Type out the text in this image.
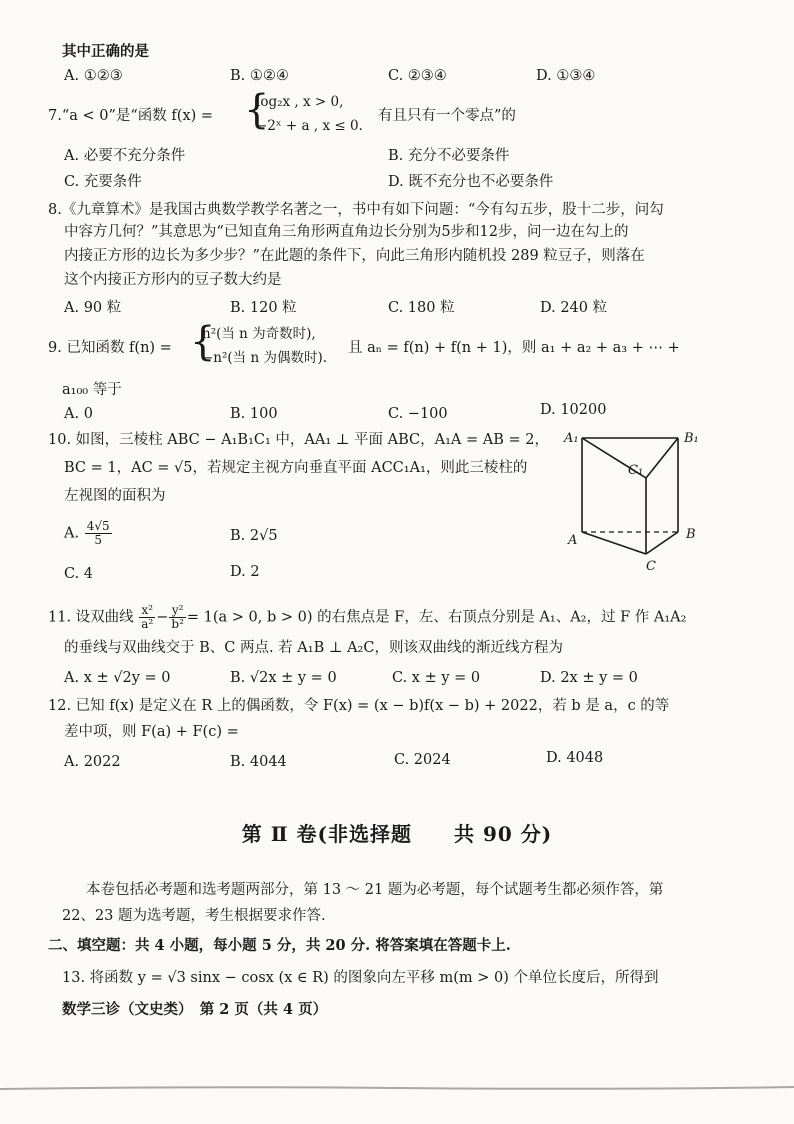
其中正确的是
A. ①②③	B. ①②④	C. ②③④	D. ①③④
7.“a < 0”是“函数 f(x) = {
log₂x , x > 0,
−2ˣ + a , x ≤ 0.
有且只有一个零点”的
A. 必要不充分条件	B. 充分不必要条件
C. 充要条件	D. 既不充分也不必要条件
8.《九章算术》是我国古典数学教学名著之一，书中有如下问题：“今有勾五步，股十二步，问勾
中容方几何？”其意思为“已知直角三角形两直角边长分别为5步和12步，问一边在勾上的
内接正方形的边长为多少步？”在此题的条件下，向此三角形内随机投 289 粒豆子，则落在
这个内接正方形内的豆子数大约是
A. 90 粒	B. 120 粒	C. 180 粒	D. 240 粒
9. 已知函数 f(n) = {
n²(当 n 为奇数时),
−n²(当 n 为偶数时).
且 aₙ = f(n) + f(n + 1)，则 a₁ + a₂ + a₃ + ⋯ +
a₁₀₀ 等于
A. 0	B. 100	C. −100	D. 10200
10. 如图，三棱柱 ABC − A₁B₁C₁ 中，AA₁ ⊥ 平面 ABC，A₁A = AB = 2，
BC = 1，AC = √5，若规定主视方向垂直平面 ACC₁A₁，则此三棱柱的
左视图的面积为
A. $\frac{4√5}{5}$	B. 2√5
C. 4	D. 2
A₁	B₁
C₁
A	B
C
11. 设双曲线 $\frac{\text{x²}}{\text{a²}} - \frac{\text{y²}}{\text{b²}} = 1(a > 0$, b > 0) 的右焦点是 F，左、右顶点分别是 A₁、A₂，过 F 作 A₁A₂
的垂线与双曲线交于 B、C 两点. 若 A₁B ⊥ A₂C，则该双曲线的渐近线方程为
A. x ± √2y = 0	B. √2x ± y = 0	C. x ± y = 0	D. 2x ± y = 0
12. 已知 f(x) 是定义在 R 上的偶函数，令 F(x) = (x − b)f(x − b) + 2022，若 b 是 a，c 的等
差中项，则 F(a) + F(c) =
A. 2022	B. 4044	C. 2024	D. 4048
第 Ⅱ 卷(非选择题　　共 90 分)
本卷包括必考题和选考题两部分，第 13 ～ 21 题为必考题，每个试题考生都必须作答，第
22、23 题为选考题，考生根据要求作答.
二、填空题：共 4 小题，每小题 5 分，共 20 分. 将答案填在答题卡上.
13. 将函数 y = √3 sinx − cosx (x ∈ R) 的图象向左平移 m(m > 0) 个单位长度后，所得到
数学三诊（文史类）　第 2 页（共 4 页）
